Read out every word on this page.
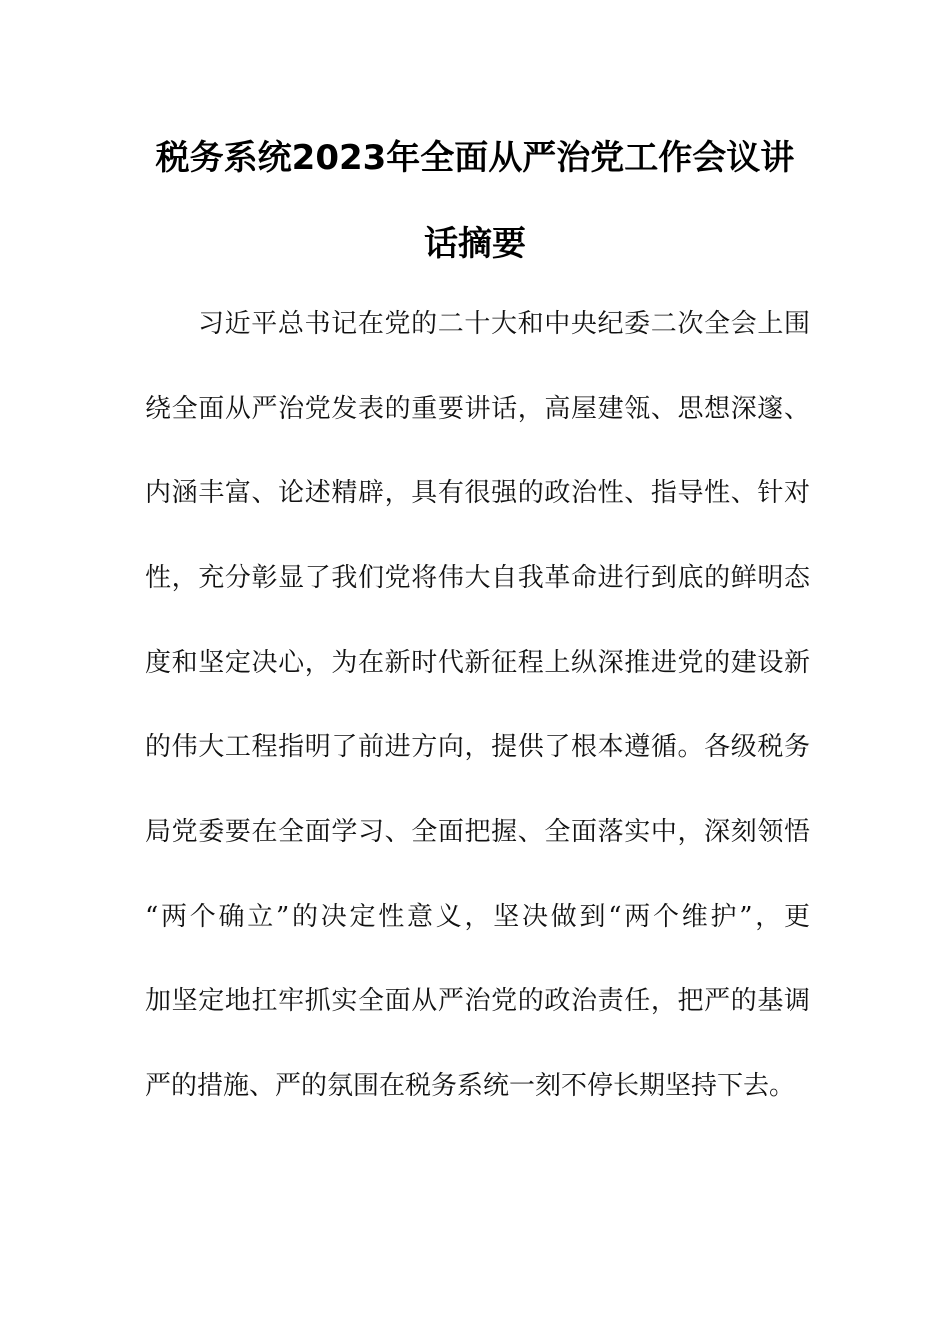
税务系统2023年全面从严治党工作会议讲
话摘要
习近平总书记在党的二十大和中央纪委二次全会上围
绕全面从严治党发表的重要讲话，高屋建瓴、思想深邃、
内涵丰富、论述精辟，具有很强的政治性、指导性、针对
性，充分彰显了我们党将伟大自我革命进行到底的鲜明态
度和坚定决心，为在新时代新征程上纵深推进党的建设新
的伟大工程指明了前进方向，提供了根本遵循。各级税务
局党委要在全面学习、全面把握、全面落实中，深刻领悟
“两个确立”的决定性意义，坚决做到“两个维护”，更
加坚定地扛牢抓实全面从严治党的政治责任，把严的基调
严的措施、严的氛围在税务系统一刻不停长期坚持下去。
